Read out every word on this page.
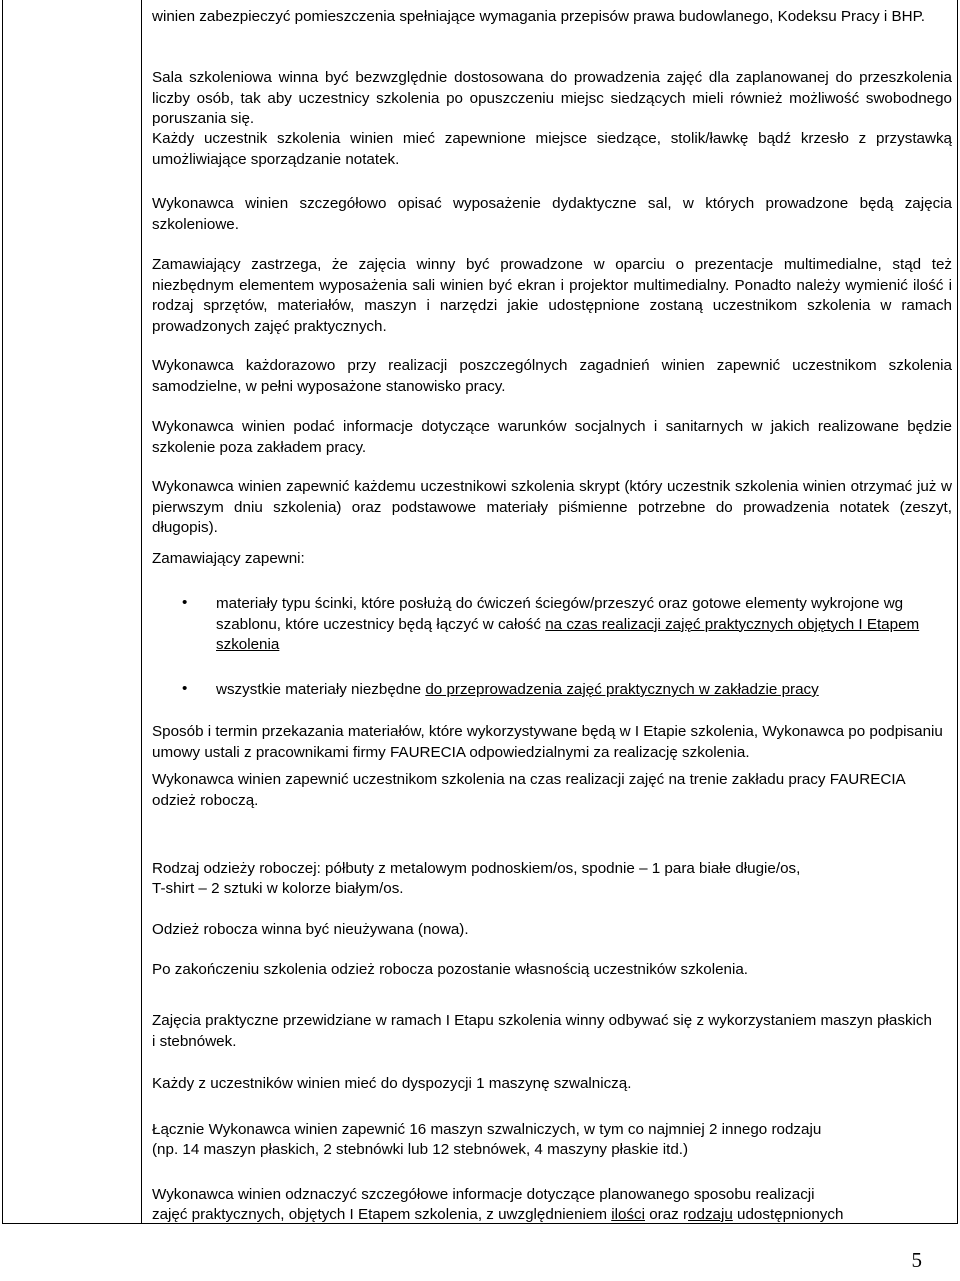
winien zabezpieczyć pomieszczenia spełniające wymagania przepisów prawa budowlanego, Kodeksu Pracy i BHP.

Sala szkoleniowa winna być bezwzględnie dostosowana do prowadzenia zajęć dla zaplanowanej do przeszkolenia liczby osób, tak aby uczestnicy szkolenia po opuszczeniu miejsc siedzących mieli również możliwość swobodnego poruszania się.

Każdy uczestnik szkolenia winien mieć zapewnione miejsce siedzące, stolik/ławkę bądź krzesło z przystawką umożliwiające sporządzanie notatek.

Wykonawca winien szczegółowo opisać wyposażenie dydaktyczne sal, w których prowadzone będą zajęcia szkoleniowe.

Zamawiający zastrzega, że zajęcia winny być prowadzone w oparciu o prezentacje multimedialne, stąd też niezbędnym elementem wyposażenia sali winien być ekran i projektor multimedialny. Ponadto należy wymienić ilość i rodzaj sprzętów, materiałów, maszyn i narzędzi jakie udostępnione zostaną uczestnikom szkolenia w ramach prowadzonych zajęć praktycznych.

Wykonawca każdorazowo przy realizacji poszczególnych zagadnień winien zapewnić uczestnikom szkolenia samodzielne, w pełni wyposażone stanowisko pracy.

Wykonawca winien podać informacje dotyczące warunków socjalnych i sanitarnych w jakich realizowane będzie szkolenie poza zakładem pracy.

Wykonawca winien zapewnić każdemu uczestnikowi szkolenia skrypt (który uczestnik szkolenia winien otrzymać już w pierwszym dniu szkolenia) oraz podstawowe materiały piśmienne potrzebne do prowadzenia notatek (zeszyt, długopis).

Zamawiający zapewni:

• materiały typu ścinki, które posłużą do ćwiczeń ściegów/przeszyć oraz gotowe elementy wykrojone wg szablonu, które uczestnicy będą łączyć w całość na czas realizacji zajęć praktycznych objętych I Etapem szkolenia

• wszystkie materiały niezbędne do przeprowadzenia zajęć praktycznych w zakładzie pracy

Sposób i termin przekazania materiałów, które wykorzystywane będą w I Etapie szkolenia, Wykonawca po podpisaniu umowy ustali z pracownikami firmy FAURECIA odpowiedzialnymi za realizację szkolenia.

Wykonawca winien zapewnić uczestnikom szkolenia na czas realizacji zajęć na trenie zakładu pracy FAURECIA odzież roboczą.

Rodzaj odzieży roboczej: półbuty z metalowym podnoskiem/os, spodnie – 1 para białe długie/os,

T-shirt – 2 sztuki w kolorze białym/os.

Odzież robocza winna być nieużywana (nowa).

Po zakończeniu szkolenia odzież robocza pozostanie własnością uczestników szkolenia.

Zajęcia praktyczne przewidziane w ramach I Etapu szkolenia winny odbywać się z wykorzystaniem maszyn płaskich i stebnówek.

Każdy z uczestników winien mieć do dyspozycji 1 maszynę szwalniczą.

Łącznie Wykonawca winien zapewnić 16 maszyn szwalniczych, w tym co najmniej 2 innego rodzaju

(np. 14 maszyn płaskich, 2 stebnówki lub 12 stebnówek, 4 maszyny płaskie itd.)

Wykonawca winien odznaczyć szczegółowe informacje dotyczące planowanego sposobu realizacji

zajęć praktycznych, objętych I Etapem szkolenia, z uwzględnieniem ilości oraz rodzaju udostępnionych

5
